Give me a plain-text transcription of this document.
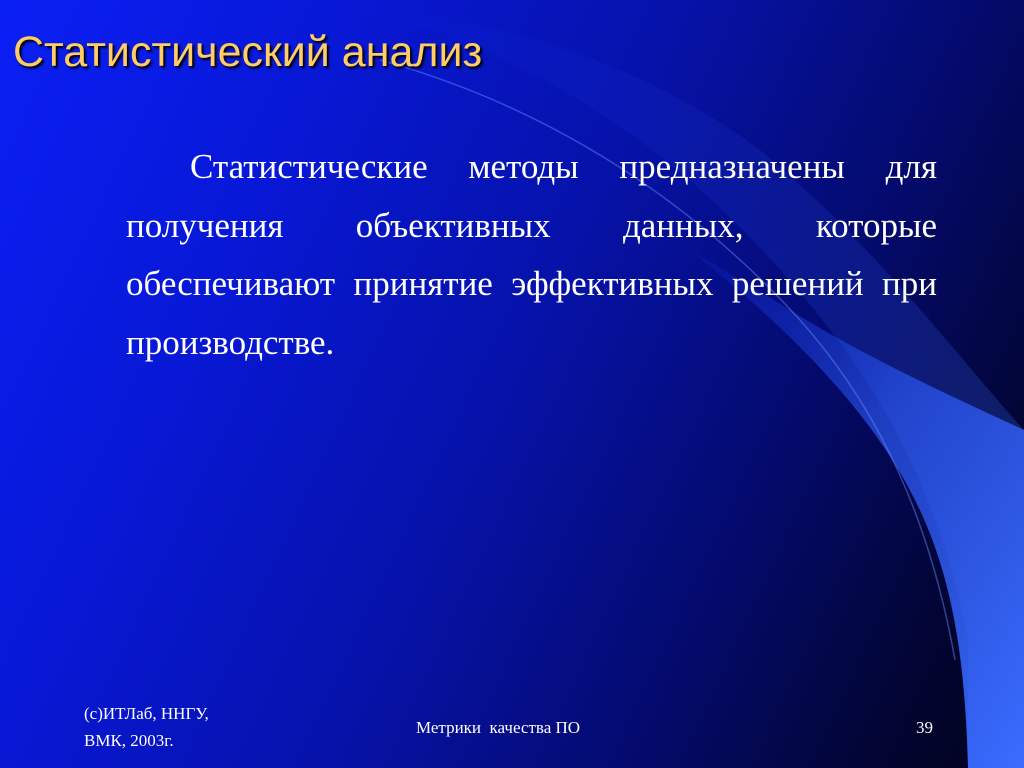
Статистический анализ

Статистические методы предназначены для получения объективных данных, которые обеспечивают принятие эффективных решений при производстве.

(c)ИТЛаб, ННГУ,
ВМК, 2003г.
Метрики  качества ПО	39
